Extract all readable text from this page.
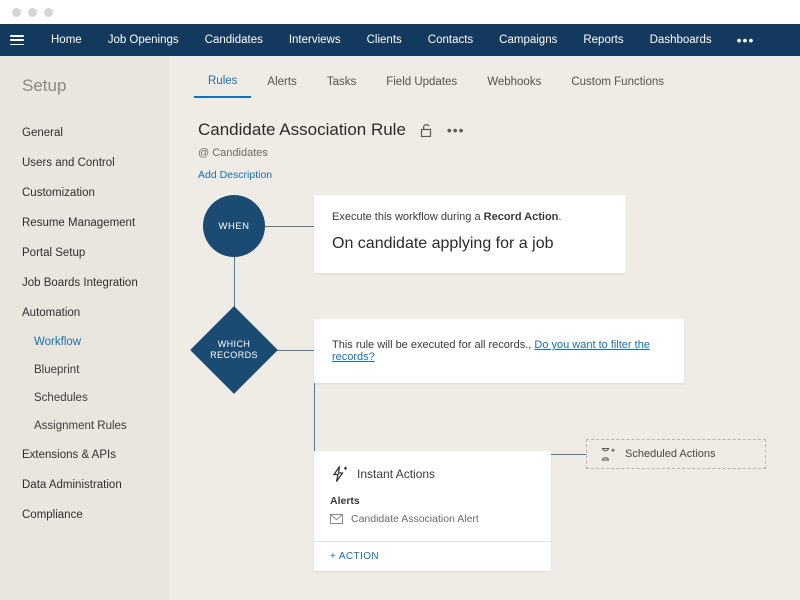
Home	Job Openings	Candidates	Interviews	Clients	Contacts	Campaigns	Reports	Dashboards	•••
Setup
General
Users and Control
Customization
Resume Management
Portal Setup
Job Boards Integration
Automation
Workflow
Blueprint
Schedules
Assignment Rules
Extensions & APIs
Data Administration
Compliance
Rules	Alerts	Tasks	Field Updates	Webhooks	Custom Functions
Candidate Association Rule	•••
@ Candidates
Add Description
WHEN
WHICH
RECORDS
Execute this workflow during a Record Action.
On candidate applying for a job
This rule will be executed for all records., Do you want to filter the records?
Instant Actions
Alerts
Candidate Association Alert
+ ACTION
Scheduled Actions
